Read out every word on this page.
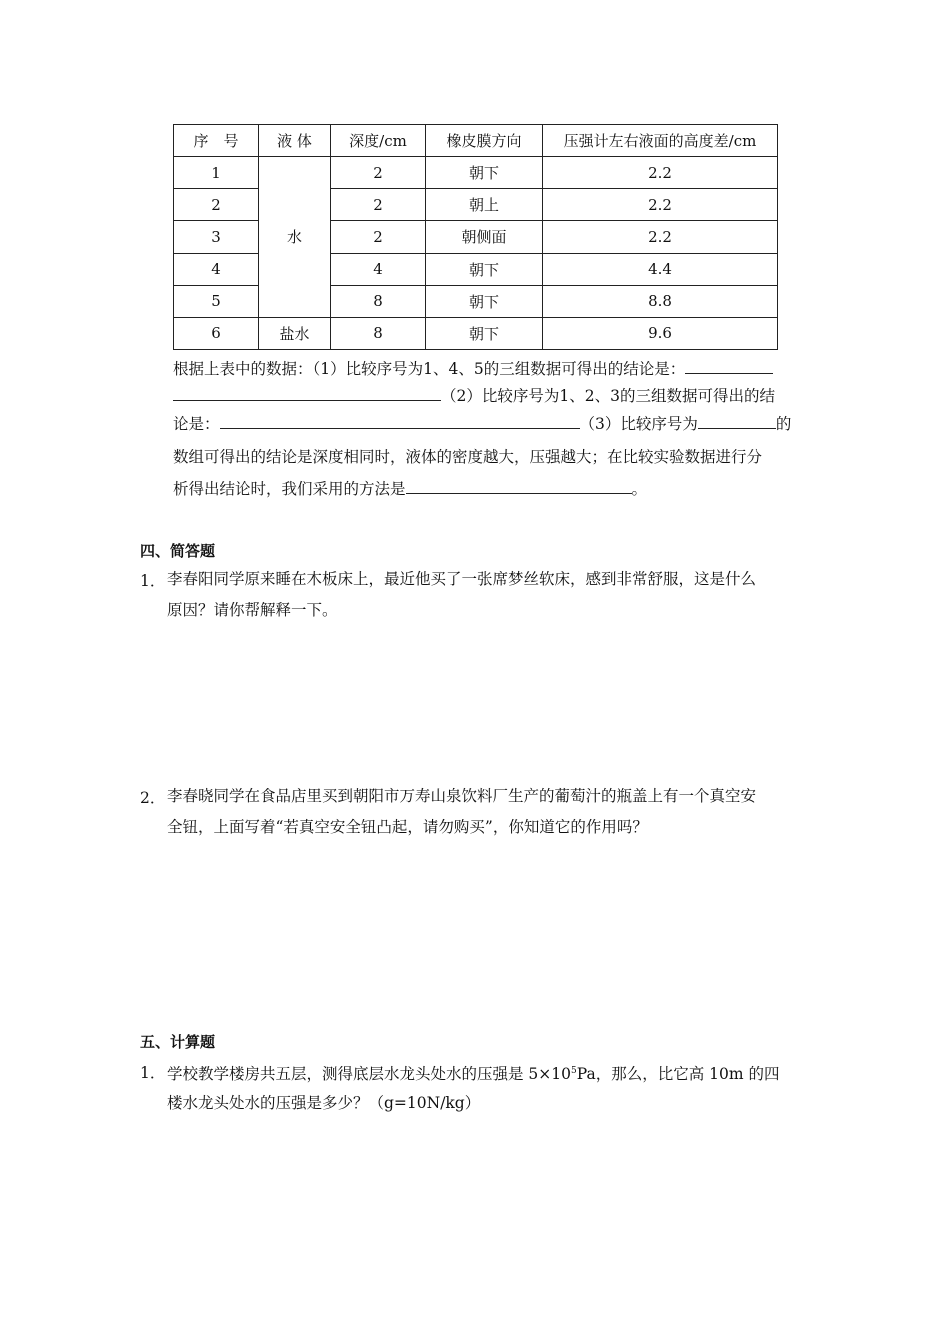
序　号	液 体	深度/cm	橡皮膜方向	压强计左右液面的高度差/cm
1	水	2	朝下	2.2
2		2	朝上	2.2
3		2	朝侧面	2.2
4		4	朝下	4.4
5		8	朝下	8.8
6	盐水	8	朝下	9.6
根据上表中的数据：（1）比较序号为1、4、5的三组数据可得出的结论是：
（2）比较序号为1、2、3的三组数据可得出的结
论是：	（3）比较序号为	的
数组可得出的结论是深度相同时，液体的密度越大，压强越大；在比较实验数据进行分
析得出结论时，我们采用的方法是	。
四、简答题
1． 李春阳同学原来睡在木板床上，最近他买了一张席梦丝软床，感到非常舒服，这是什么
原因？请你帮解释一下。
2． 李春晓同学在食品店里买到朝阳市万寿山泉饮料厂生产的葡萄汁的瓶盖上有一个真空安
全钮，上面写着“若真空安全钮凸起，请勿购买”，你知道它的作用吗？
五、计算题
1． 学校教学楼房共五层，测得底层水龙头处水的压强是 $5\times 10^5Pa$，那么，比它高 10m 的四
楼水龙头处水的压强是多少？（g=10N/kg）
